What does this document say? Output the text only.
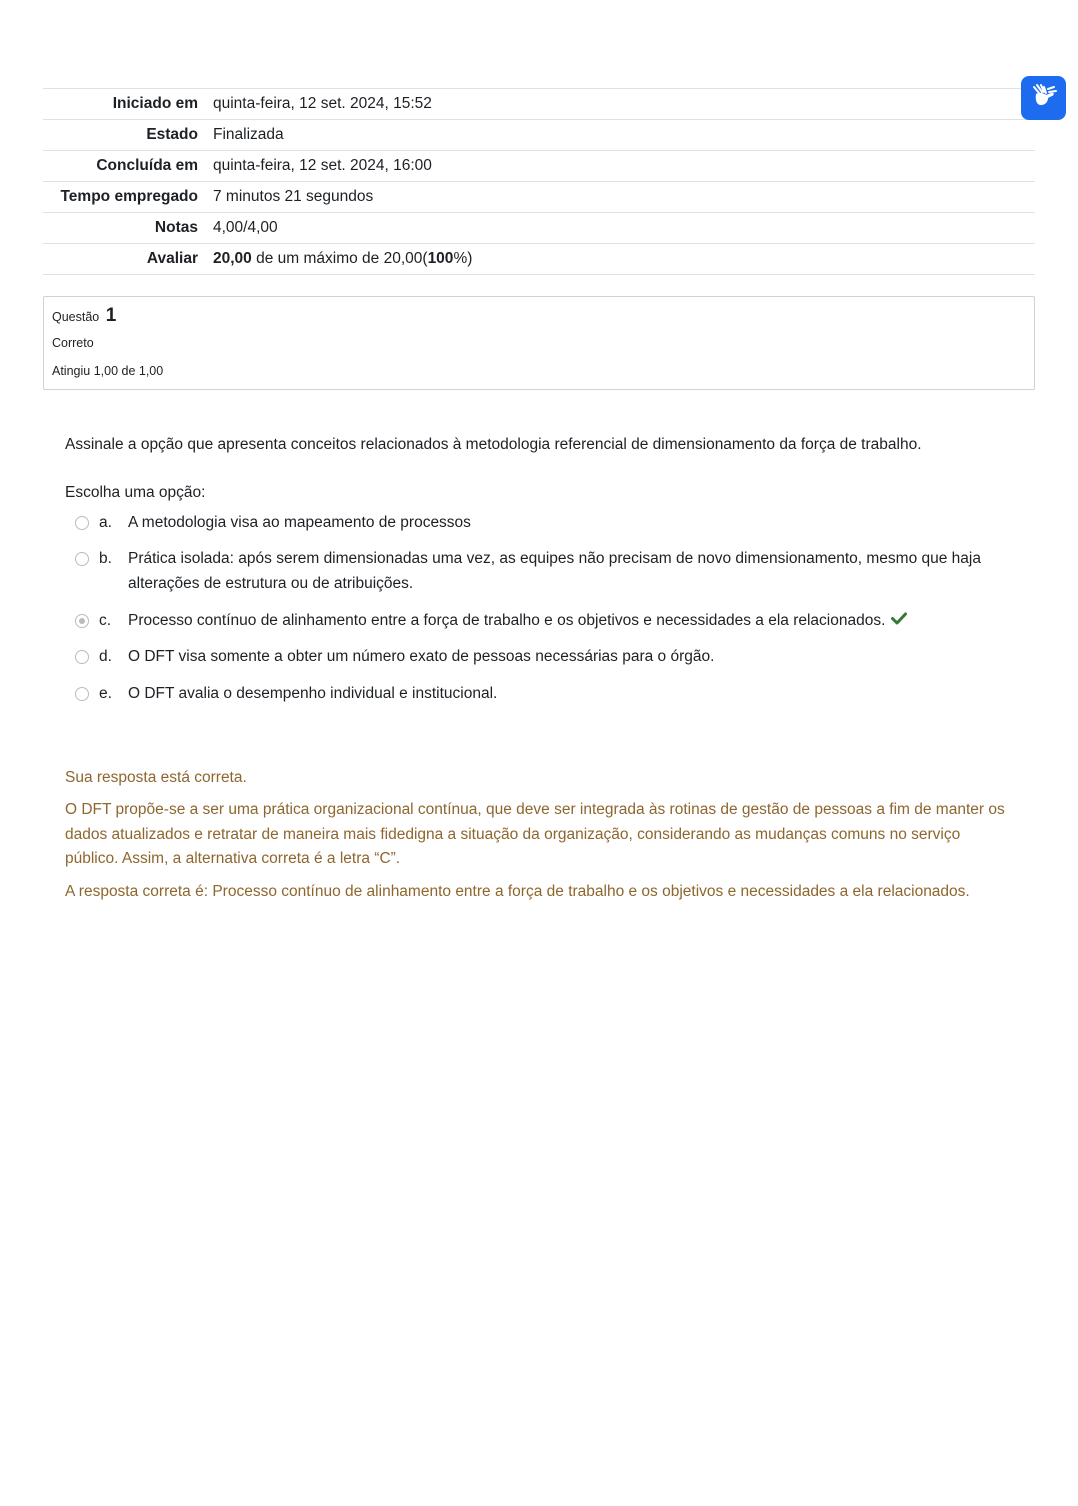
Iniciado em	quinta-feira, 12 set. 2024, 15:52
Estado	Finalizada
Concluída em	quinta-feira, 12 set. 2024, 16:00
Tempo empregado	7 minutos 21 segundos
Notas	4,00/4,00
Avaliar	20,00 de um máximo de 20,00(100%)
Questão 1
Correto
Atingiu 1,00 de 1,00
Assinale a opção que apresenta conceitos relacionados à metodologia referencial de dimensionamento da força de trabalho.
Escolha uma opção:
a.	A metodologia visa ao mapeamento de processos
b.	Prática isolada: após serem dimensionadas uma vez, as equipes não precisam de novo dimensionamento, mesmo que haja alterações de estrutura ou de atribuições.
c.	Processo contínuo de alinhamento entre a força de trabalho e os objetivos e necessidades a ela relacionados.
d.	O DFT visa somente a obter um número exato de pessoas necessárias para o órgão.
e.	O DFT avalia o desempenho individual e institucional.
Sua resposta está correta.
O DFT propõe-se a ser uma prática organizacional contínua, que deve ser integrada às rotinas de gestão de pessoas a fim de manter os dados atualizados e retratar de maneira mais fidedigna a situação da organização, considerando as mudanças comuns no serviço público. Assim, a alternativa correta é a letra “C”.
A resposta correta é: Processo contínuo de alinhamento entre a força de trabalho e os objetivos e necessidades a ela relacionados.
